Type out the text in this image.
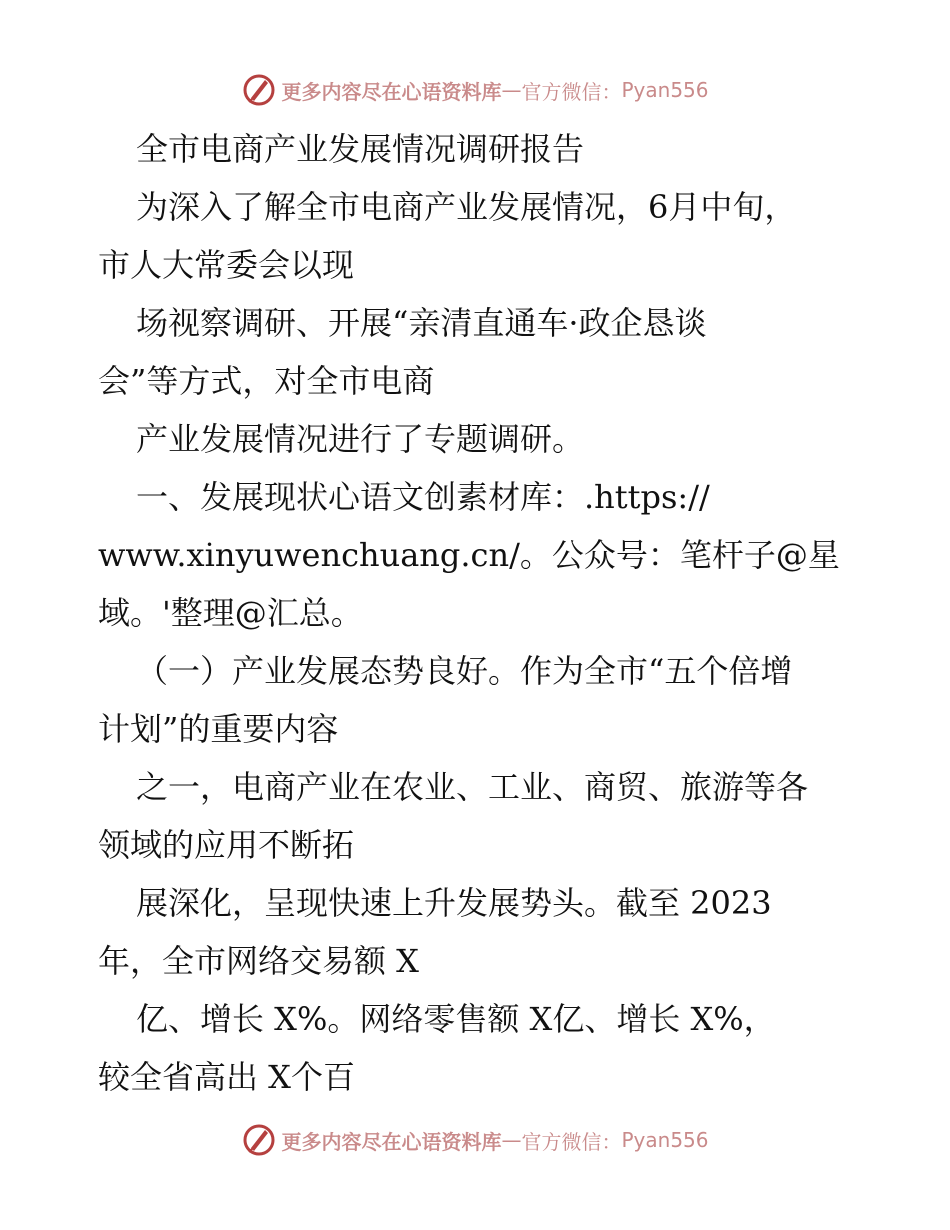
更多内容尽在心语资料库 — 官方微信： Pyan556
全市电商产业发展情况调研报告
为深入了解全市电商产业发展情况，6月中旬，
市人大常委会以现
场视察调研、开展“亲清直通车·政企恳谈
会”等方式，对全市电商
产业发展情况进行了专题调研。
一、发展现状心语文创素材库：.https://
www.xinyuwenchuang.cn/。公众号：笔杆子@星
域。'整理@汇总。
（一）产业发展态势良好。作为全市“五个倍增
计划”的重要内容
之一，电商产业在农业、工业、商贸、旅游等各
领域的应用不断拓
展深化，呈现快速上升发展势头。截至 2023
年，全市网络交易额 X
亿、增长 X%。网络零售额 X亿、增长 X%，
较全省高出 X个百
更多内容尽在心语资料库 — 官方微信： Pyan556
